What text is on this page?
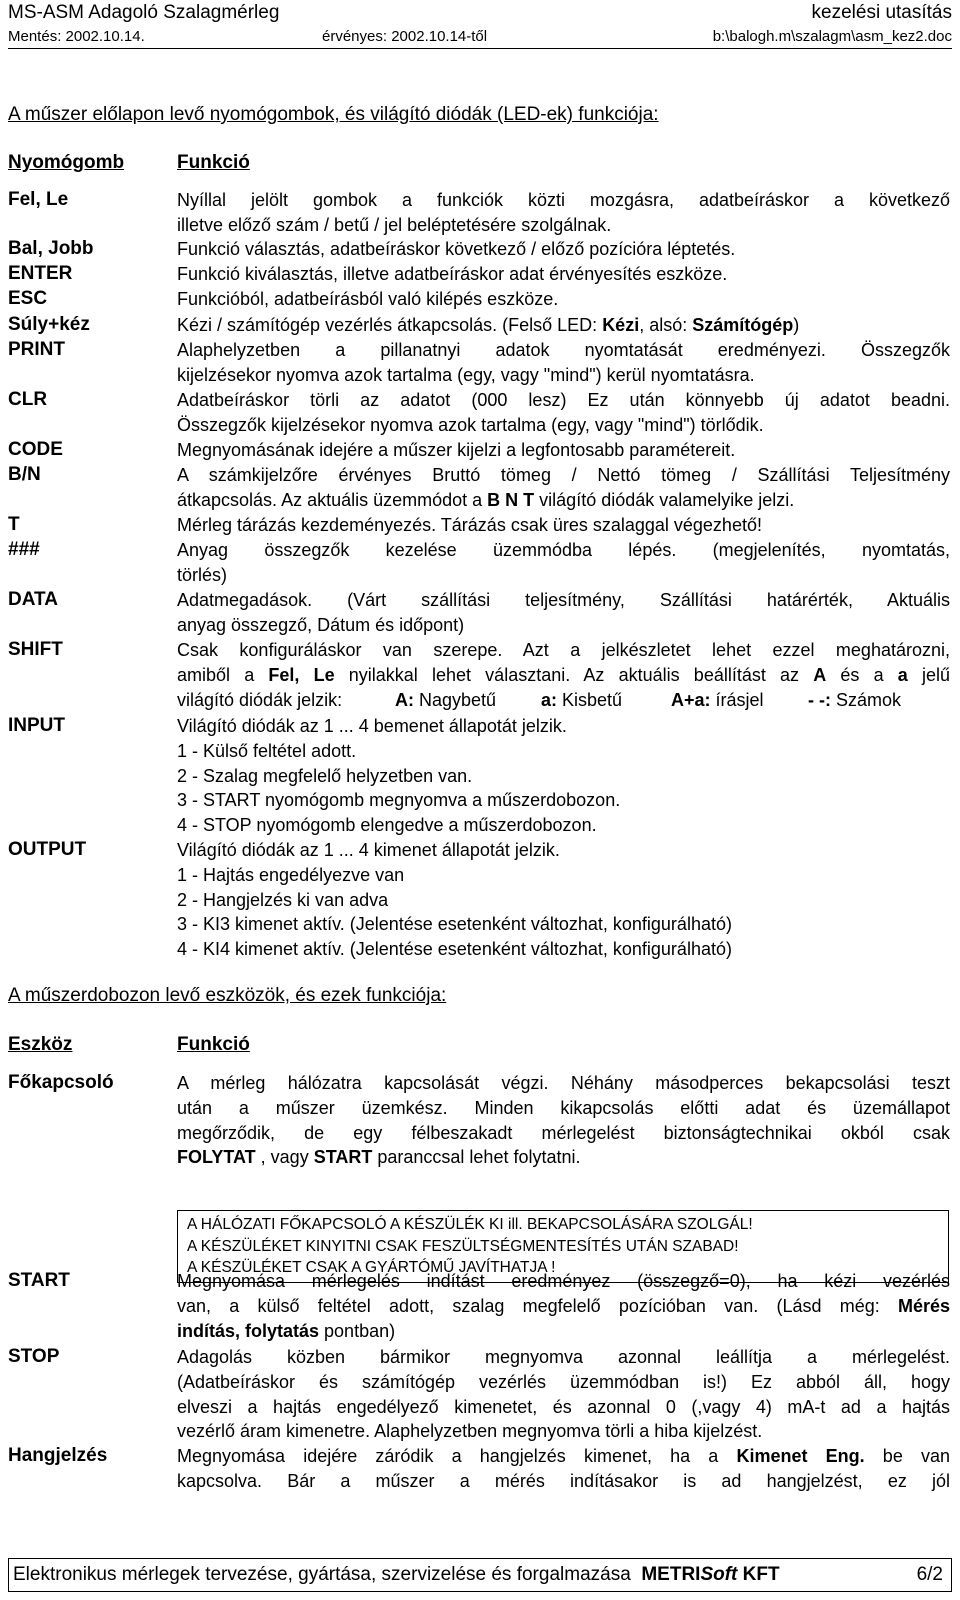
MS-ASM Adagoló Szalagmérleg	kezelési utasítás
Mentés: 2002.10.14.	érvényes: 2002.10.14-től	b:\balogh.m\szalagm\asm_kez2.doc
A műszer előlapon levő nyomógombok, és világító diódák (LED-ek) funkciója:
Nyomógomb	Funkció
Fel, Le	Nyíllal jelölt gombok a funkciók közti mozgásra, adatbeíráskor a következő
illetve előző szám / betű / jel beléptetésére szolgálnak.
Bal, Jobb	Funkció választás, adatbeíráskor következő / előző pozícióra léptetés.
ENTER	Funkció kiválasztás, illetve adatbeíráskor adat érvényesítés eszköze.
ESC	Funkcióból, adatbeírásból való kilépés eszköze.
Súly+kéz	Kézi / számítógép vezérlés átkapcsolás. (Felső LED: Kézi, alsó: Számítógép)
PRINT	Alaphelyzetben a pillanatnyi adatok nyomtatását eredményezi. Összegzők
kijelzésekor nyomva azok tartalma (egy, vagy "mind") kerül nyomtatásra.
CLR	Adatbeíráskor törli az adatot (000 lesz) Ez után könnyebb új adatot beadni.
Összegzők kijelzésekor nyomva azok tartalma (egy, vagy "mind") törlődik.
CODE	Megnyomásának idejére a műszer kijelzi a legfontosabb paramétereit.
B/N	A számkijelzőre érvényes Bruttó tömeg / Nettó tömeg / Szállítási Teljesítmény
átkapcsolás. Az aktuális üzemmódot a B N T világító diódák valamelyike jelzi.
T	Mérleg tárázás kezdeményezés. Tárázás csak üres szalaggal végezhető!
###	Anyag összegzők kezelése üzemmódba lépés. (megjelenítés, nyomtatás,
törlés)
DATA	Adatmegadások. (Várt szállítási teljesítmény, Szállítási határérték, Aktuális
anyag összegző, Dátum és időpont)
SHIFT	Csak konfiguráláskor van szerepe. Azt a jelkészletet lehet ezzel meghatározni,
amiből a Fel, Le nyilakkal lehet választani. Az aktuális beállítást az A és a a jelű
világító diódák jelzik:	A: Nagybetű a: Kisbetű	A+a: írásjel - -: Számok
INPUT	Világító diódák az 1 ... 4 bemenet állapotát jelzik.
1 - Külső feltétel adott.
2 - Szalag megfelelő helyzetben van.
3 - START nyomógomb megnyomva a műszerdobozon.
4 - STOP nyomógomb elengedve a műszerdobozon.
OUTPUT	Világító diódák az 1 ... 4 kimenet állapotát jelzik.
1 - Hajtás engedélyezve van
2 - Hangjelzés ki van adva
3 - KI3 kimenet aktív. (Jelentése esetenként változhat, konfigurálható)
4 - KI4 kimenet aktív. (Jelentése esetenként változhat, konfigurálható)
A műszerdobozon levő eszközök, és ezek funkciója:
Eszköz	Funkció
Főkapcsoló	A mérleg hálózatra kapcsolását végzi. Néhány másodperces bekapcsolási teszt
után a műszer üzemkész. Minden kikapcsolás előtti adat és üzemállapot
megőrződik, de egy félbeszakadt mérlegelést biztonságtechnikai okból csak
FOLYTAT , vagy START paranccsal lehet folytatni.
A HÁLÓZATI FŐKAPCSOLÓ A KÉSZÜLÉK KI ill. BEKAPCSOLÁSÁRA SZOLGÁL!
A KÉSZÜLÉKET KINYITNI CSAK FESZÜLTSÉGMENTESÍTÉS UTÁN SZABAD!
A KÉSZÜLÉKET CSAK A GYÁRTÓMŰ JAVÍTHATJA !
START	Megnyomása mérlegelés indítást eredményez (összegző=0), ha kézi vezérlés
van, a külső feltétel adott, szalag megfelelő pozícióban van. (Lásd még: Mérés
indítás, folytatás pontban)
STOP	Adagolás közben bármikor megnyomva azonnal leállítja a mérlegelést.
(Adatbeíráskor és számítógép vezérlés üzemmódban is!) Ez abból áll, hogy
elveszi a hajtás engedélyező kimenetet, és azonnal 0 (,vagy 4) mA-t ad a hajtás
vezérlő áram kimenetre. Alaphelyzetben megnyomva törli a hiba kijelzést.
Hangjelzés	Megnyomása idejére záródik a hangjelzés kimenet, ha a Kimenet Eng. be van
kapcsolva. Bár a műszer a mérés indításakor is ad hangjelzést, ez jól
Elektronikus mérlegek tervezése, gyártása, szervizelése és forgalmazása METRISoft KFT	6/2
